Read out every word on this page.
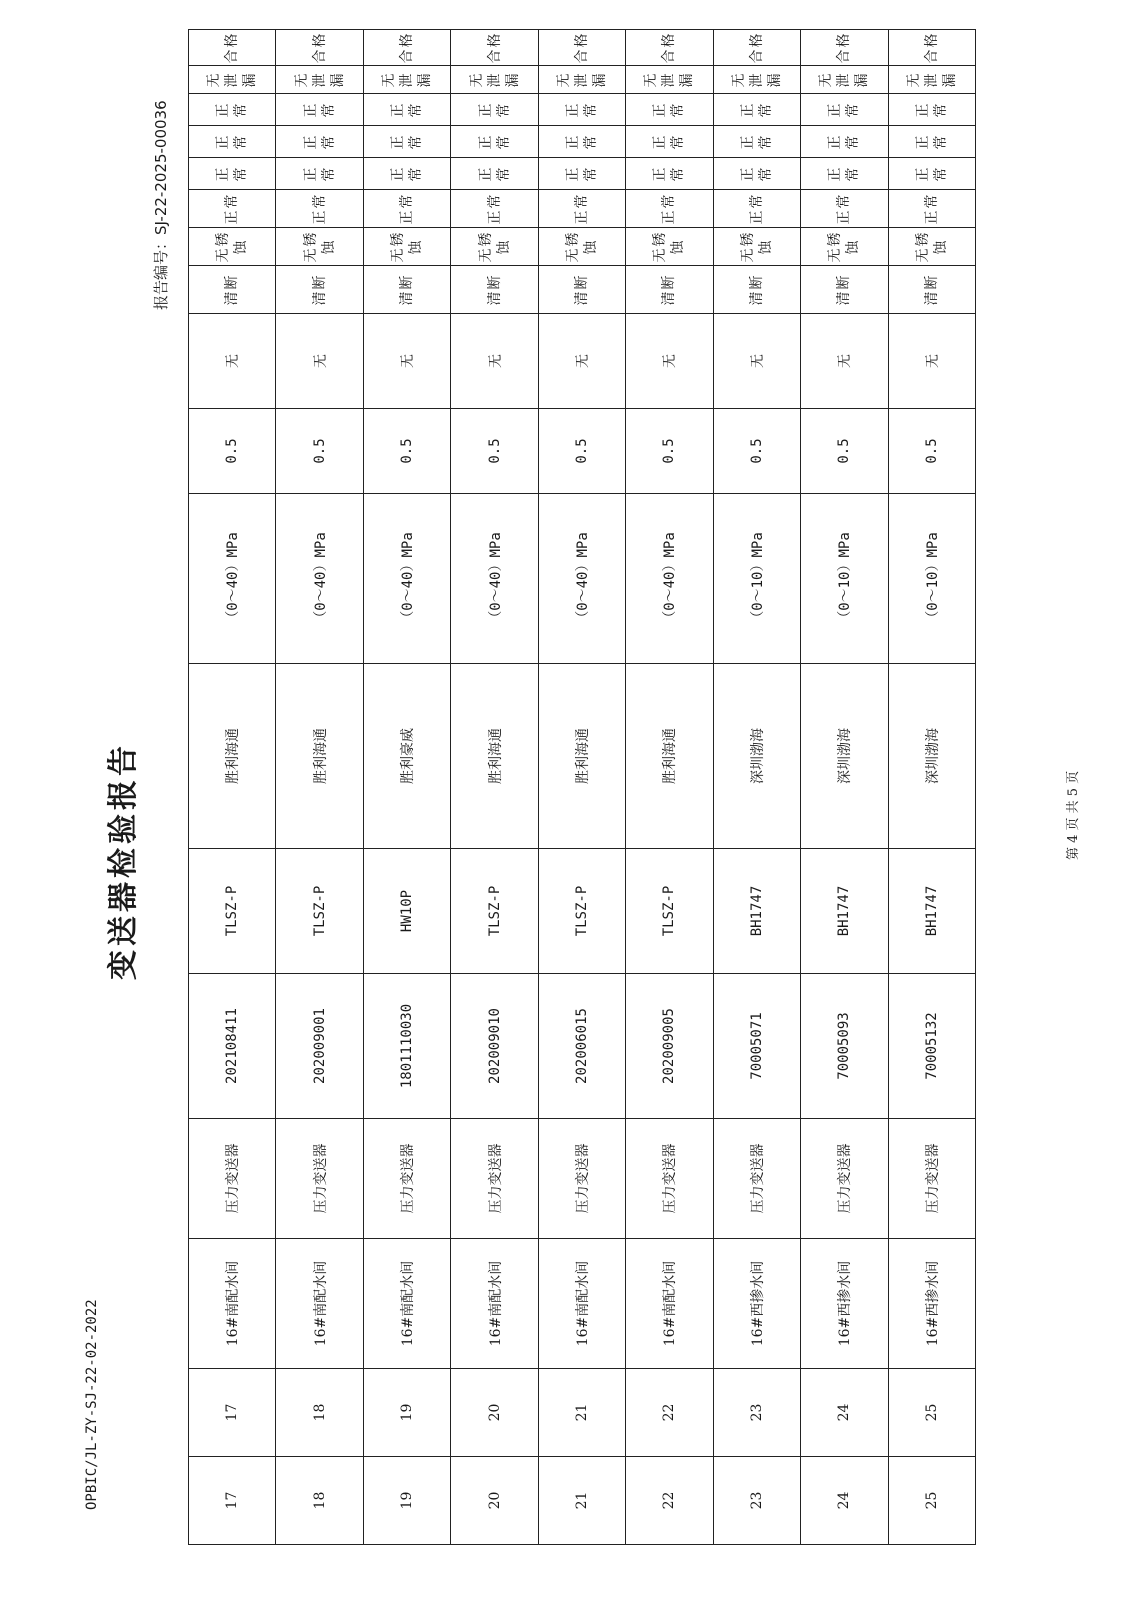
变送器检验报告
OPBIC/JL-ZY-SJ-22-02-2022
报告编号：SJ-22-2025-00036
17	17	16#南配水间	压力变送器	202108411	TLSZ-P	胜利海通	（0～40）MPa	0.5	无	清断	无锈蚀	正常	正常	正常	正常	无泄漏	合格
18	18	16#南配水间	压力变送器	202009001	TLSZ-P	胜利海通	（0～40）MPa	0.5	无	清断	无锈蚀	正常	正常	正常	正常	无泄漏	合格
19	19	16#南配水间	压力变送器	1801110030	HW10P	胜利豪威	（0～40）MPa	0.5	无	清断	无锈蚀	正常	正常	正常	正常	无泄漏	合格
20	20	16#南配水间	压力变送器	202009010	TLSZ-P	胜利海通	（0～40）MPa	0.5	无	清断	无锈蚀	正常	正常	正常	正常	无泄漏	合格
21	21	16#南配水间	压力变送器	202006015	TLSZ-P	胜利海通	（0～40）MPa	0.5	无	清断	无锈蚀	正常	正常	正常	正常	无泄漏	合格
22	22	16#南配水间	压力变送器	202009005	TLSZ-P	胜利海通	（0～40）MPa	0.5	无	清断	无锈蚀	正常	正常	正常	正常	无泄漏	合格
23	23	16#西掺水间	压力变送器	70005071	BH1747	深圳渤海	（0～10）MPa	0.5	无	清断	无锈蚀	正常	正常	正常	正常	无泄漏	合格
24	24	16#西掺水间	压力变送器	70005093	BH1747	深圳渤海	（0～10）MPa	0.5	无	清断	无锈蚀	正常	正常	正常	正常	无泄漏	合格
25	25	16#西掺水间	压力变送器	70005132	BH1747	深圳渤海	（0～10）MPa	0.5	无	清断	无锈蚀	正常	正常	正常	正常	无泄漏	合格
第 4 页 共 5 页
